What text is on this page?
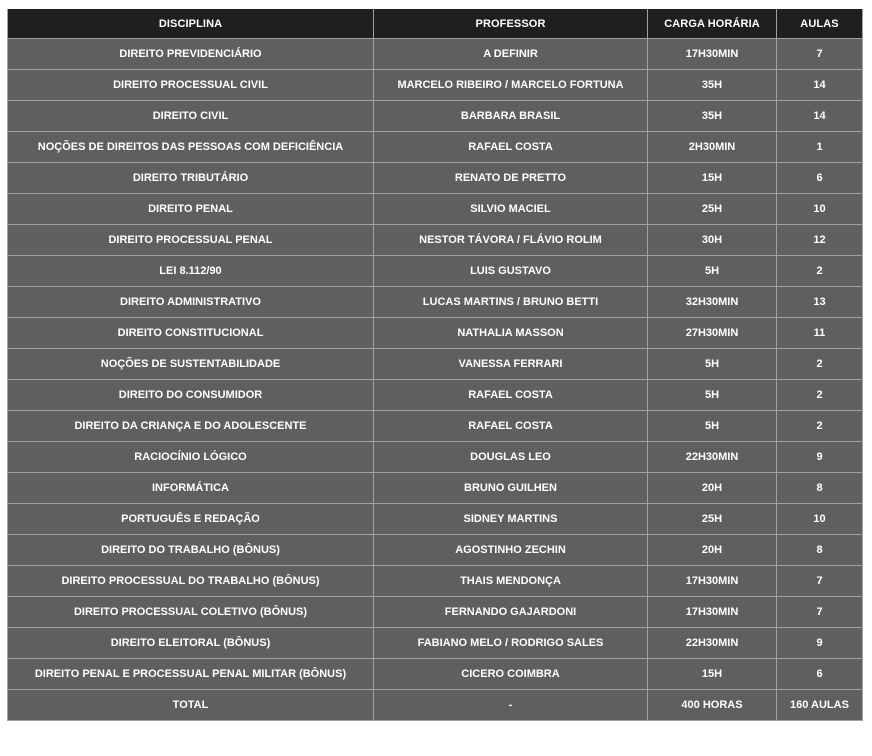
DISCIPLINA	PROFESSOR	CARGA HORÁRIA	AULAS
DIREITO PREVIDENCIÁRIO	A DEFINIR	17H30MIN	7
DIREITO PROCESSUAL CIVIL	MARCELO RIBEIRO / MARCELO FORTUNA	35H	14
DIREITO CIVIL	BARBARA BRASIL	35H	14
NOÇÕES DE DIREITOS DAS PESSOAS COM DEFICIÊNCIA	RAFAEL COSTA	2H30MIN	1
DIREITO TRIBUTÁRIO	RENATO DE PRETTO	15H	6
DIREITO PENAL	SILVIO MACIEL	25H	10
DIREITO PROCESSUAL PENAL	NESTOR TÁVORA / FLÁVIO ROLIM	30H	12
LEI 8.112/90	LUIS GUSTAVO	5H	2
DIREITO ADMINISTRATIVO	LUCAS MARTINS / BRUNO BETTI	32H30MIN	13
DIREITO CONSTITUCIONAL	NATHALIA MASSON	27H30MIN	11
NOÇÕES DE SUSTENTABILIDADE	VANESSA FERRARI	5H	2
DIREITO DO CONSUMIDOR	RAFAEL COSTA	5H	2
DIREITO DA CRIANÇA E DO ADOLESCENTE	RAFAEL COSTA	5H	2
RACIOCÍNIO LÓGICO	DOUGLAS LEO	22H30MIN	9
INFORMÁTICA	BRUNO GUILHEN	20H	8
PORTUGUÊS E REDAÇÃO	SIDNEY MARTINS	25H	10
DIREITO DO TRABALHO (BÔNUS)	AGOSTINHO ZECHIN	20H	8
DIREITO PROCESSUAL DO TRABALHO (BÔNUS)	THAIS MENDONÇA	17H30MIN	7
DIREITO PROCESSUAL COLETIVO (BÔNUS)	FERNANDO GAJARDONI	17H30MIN	7
DIREITO ELEITORAL (BÔNUS)	FABIANO MELO / RODRIGO SALES	22H30MIN	9
DIREITO PENAL E PROCESSUAL PENAL MILITAR (BÔNUS)	CICERO COIMBRA	15H	6
TOTAL	-	400 HORAS	160 AULAS
